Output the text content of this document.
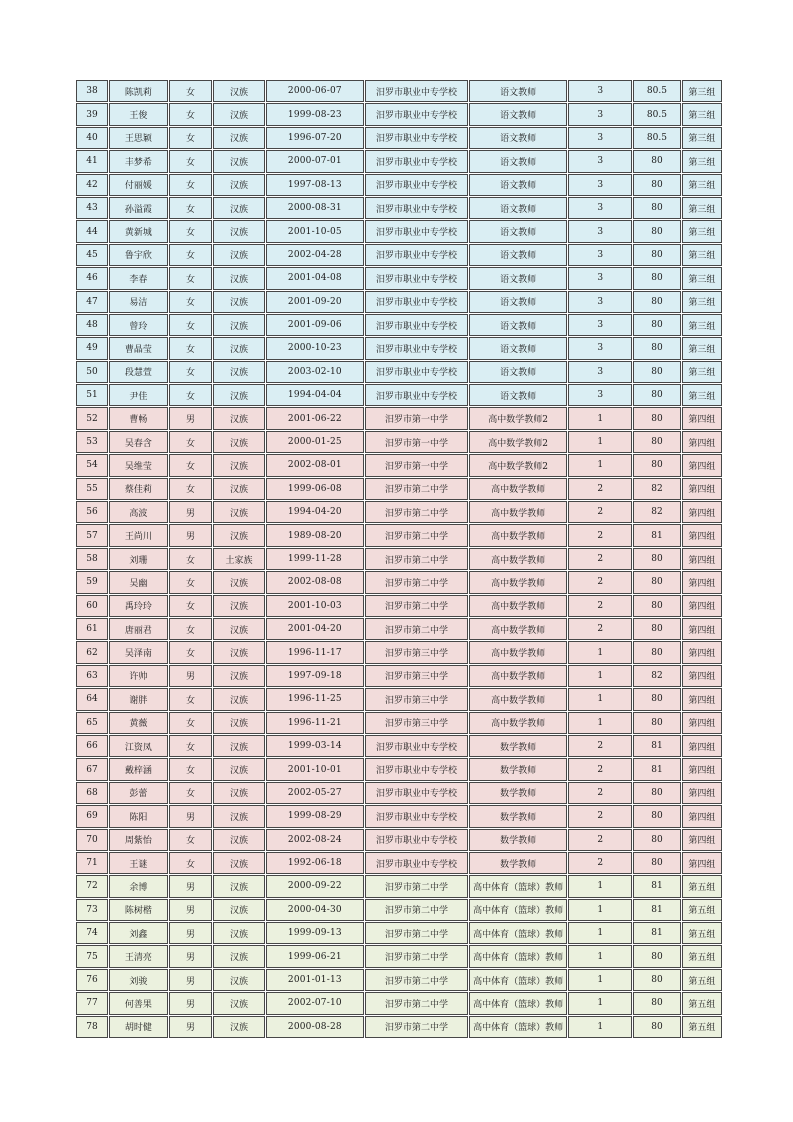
38	陈凯莉	女	汉族	2000-06-07	汨罗市职业中专学校	语文教师	3	80.5	第三组
39	王俊	女	汉族	1999-08-23	汨罗市职业中专学校	语文教师	3	80.5	第三组
40	王思颖	女	汉族	1996-07-20	汨罗市职业中专学校	语文教师	3	80.5	第三组
41	丰梦希	女	汉族	2000-07-01	汨罗市职业中专学校	语文教师	3	80	第三组
42	付丽媛	女	汉族	1997-08-13	汨罗市职业中专学校	语文教师	3	80	第三组
43	孙溢霞	女	汉族	2000-08-31	汨罗市职业中专学校	语文教师	3	80	第三组
44	黄新城	女	汉族	2001-10-05	汨罗市职业中专学校	语文教师	3	80	第三组
45	鲁宇欣	女	汉族	2002-04-28	汨罗市职业中专学校	语文教师	3	80	第三组
46	李春	女	汉族	2001-04-08	汨罗市职业中专学校	语文教师	3	80	第三组
47	易洁	女	汉族	2001-09-20	汨罗市职业中专学校	语文教师	3	80	第三组
48	曾玲	女	汉族	2001-09-06	汨罗市职业中专学校	语文教师	3	80	第三组
49	曹晶莹	女	汉族	2000-10-23	汨罗市职业中专学校	语文教师	3	80	第三组
50	段慧萱	女	汉族	2003-02-10	汨罗市职业中专学校	语文教师	3	80	第三组
51	尹佳	女	汉族	1994-04-04	汨罗市职业中专学校	语文教师	3	80	第三组
52	曹畅	男	汉族	2001-06-22	汨罗市第一中学	高中数学教师2	1	80	第四组
53	吴春含	女	汉族	2000-01-25	汨罗市第一中学	高中数学教师2	1	80	第四组
54	吴维莹	女	汉族	2002-08-01	汨罗市第一中学	高中数学教师2	1	80	第四组
55	蔡佳莉	女	汉族	1999-06-08	汨罗市第二中学	高中数学教师	2	82	第四组
56	高波	男	汉族	1994-04-20	汨罗市第二中学	高中数学教师	2	82	第四组
57	王尚川	男	汉族	1989-08-20	汨罗市第二中学	高中数学教师	2	81	第四组
58	刘珊	女	土家族	1999-11-28	汨罗市第二中学	高中数学教师	2	80	第四组
59	吴幽	女	汉族	2002-08-08	汨罗市第二中学	高中数学教师	2	80	第四组
60	禹玲玲	女	汉族	2001-10-03	汨罗市第二中学	高中数学教师	2	80	第四组
61	唐丽君	女	汉族	2001-04-20	汨罗市第二中学	高中数学教师	2	80	第四组
62	吴泽南	女	汉族	1996-11-17	汨罗市第三中学	高中数学教师	1	80	第四组
63	许帅	男	汉族	1997-09-18	汨罗市第三中学	高中数学教师	1	82	第四组
64	谢胖	女	汉族	1996-11-25	汨罗市第三中学	高中数学教师	1	80	第四组
65	黄薇	女	汉族	1996-11-21	汨罗市第三中学	高中数学教师	1	80	第四组
66	江资凤	女	汉族	1999-03-14	汨罗市职业中专学校	数学教师	2	81	第四组
67	戴梓涵	女	汉族	2001-10-01	汨罗市职业中专学校	数学教师	2	81	第四组
68	彭蕾	女	汉族	2002-05-27	汨罗市职业中专学校	数学教师	2	80	第四组
69	陈阳	男	汉族	1999-08-29	汨罗市职业中专学校	数学教师	2	80	第四组
70	周紫怡	女	汉族	2002-08-24	汨罗市职业中专学校	数学教师	2	80	第四组
71	王谜	女	汉族	1992-06-18	汨罗市职业中专学校	数学教师	2	80	第四组
72	余博	男	汉族	2000-09-22	汨罗市第二中学	高中体育（篮球）教师	1	81	第五组
73	陈树楷	男	汉族	2000-04-30	汨罗市第二中学	高中体育（篮球）教师	1	81	第五组
74	刘鑫	男	汉族	1999-09-13	汨罗市第二中学	高中体育（篮球）教师	1	81	第五组
75	王清亮	男	汉族	1999-06-21	汨罗市第二中学	高中体育（篮球）教师	1	80	第五组
76	刘骏	男	汉族	2001-01-13	汨罗市第二中学	高中体育（篮球）教师	1	80	第五组
77	何善果	男	汉族	2002-07-10	汨罗市第二中学	高中体育（篮球）教师	1	80	第五组
78	胡时健	男	汉族	2000-08-28	汨罗市第二中学	高中体育（篮球）教师	1	80	第五组
